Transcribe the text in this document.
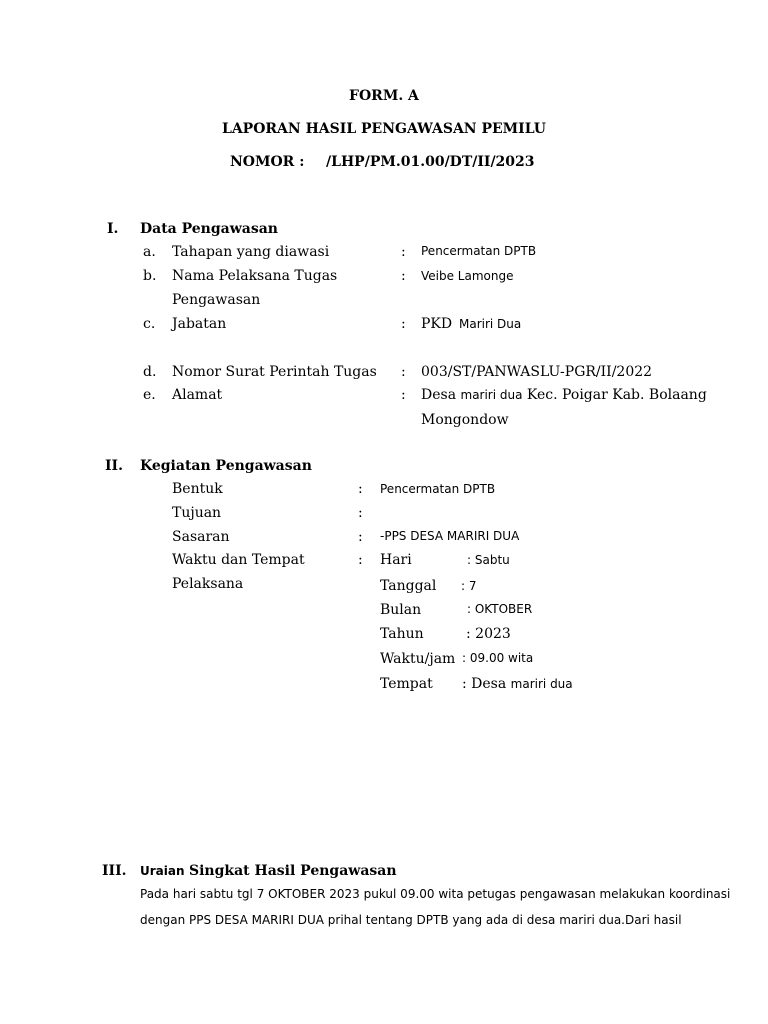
FORM. A
LAPORAN HASIL PENGAWASAN PEMILU
NOMOR : /LHP/PM.01.00/DT/II/2023
I. Data Pengawasan
a. Tahapan yang diawasi	: Pencermatan DPTB
b. Nama Pelaksana Tugas
Pengawasan
: Veibe Lamonge
c. Jabatan	: PKD Mariri Dua
d. Nomor Surat Perintah Tugas : 003/ST/PANWASLU-PGR/II/2022
e. Alamat	: Desa mariri dua Kec. Poigar Kab. Bolaang
Mongondow
II. Kegiatan Pengawasan
Bentuk	: Pencermatan DPTB
Tujuan	:
Sasaran	: -PPS DESA MARIRI DUA
Waktu dan Tempat
Pelaksana
: Hari	: Sabtu
Tanggal : 7
Bulan	: OKTOBER
Tahun	: 2023
Waktu/jam : 09.00 wita
Tempat : Desa mariri dua
III. Uraian Singkat Hasil Pengawasan
Pada hari sabtu tgl 7 OKTOBER 2023 pukul 09.00 wita petugas pengawasan melakukan koordinasi
dengan PPS DESA MARIRI DUA prihal tentang DPTB yang ada di desa mariri dua.Dari hasil
